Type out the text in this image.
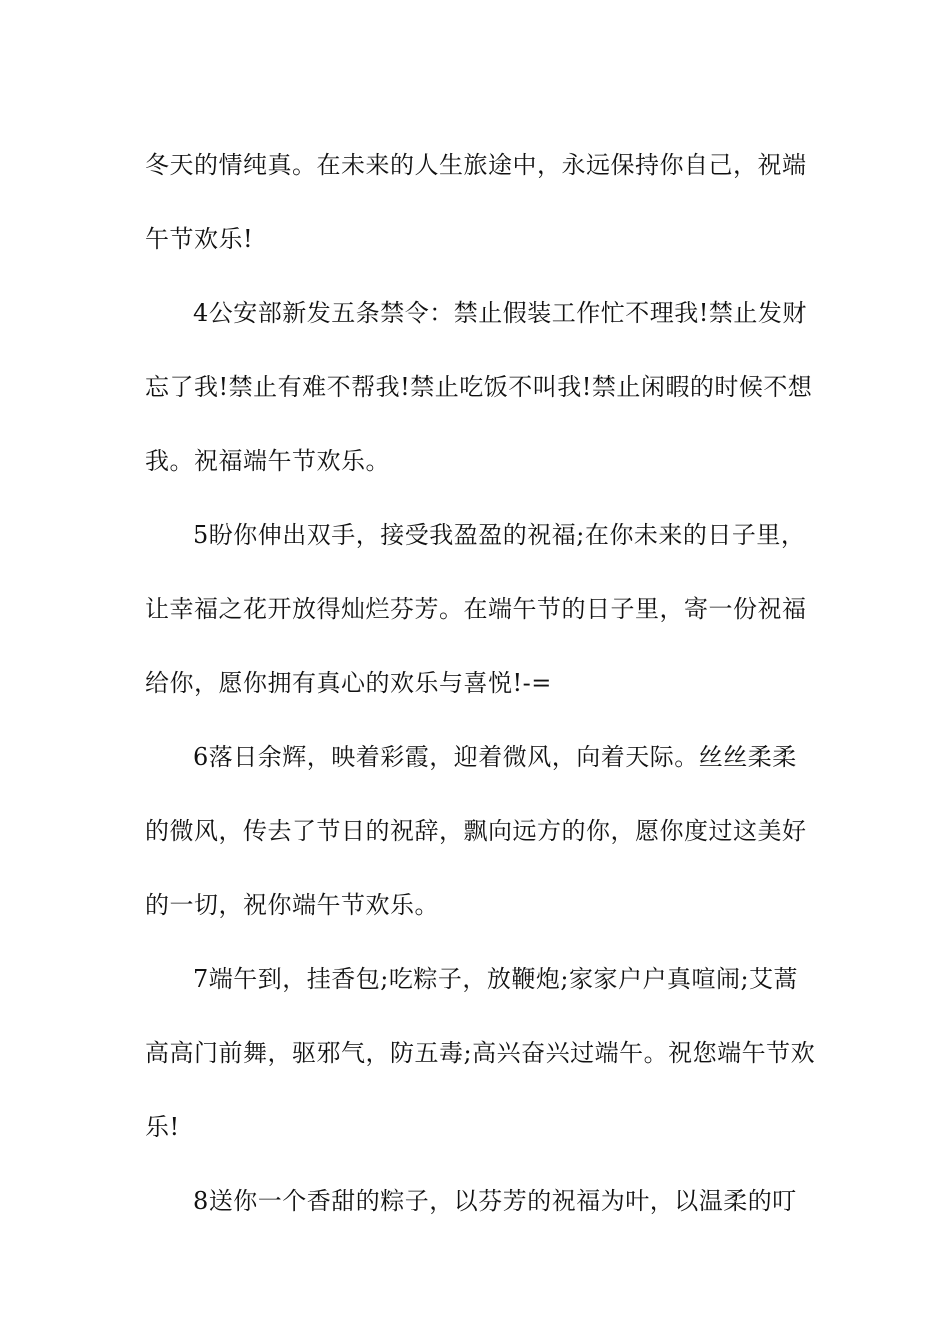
冬天的情纯真。在未来的人生旅途中，永远保持你自己，祝端
午节欢乐!

4公安部新发五条禁令：禁止假装工作忙不理我!禁止发财
忘了我!禁止有难不帮我!禁止吃饭不叫我!禁止闲暇的时候不想
我。祝福端午节欢乐。

5盼你伸出双手，接受我盈盈的祝福;在你未来的日子里，
让幸福之花开放得灿烂芬芳。在端午节的日子里，寄一份祝福
给你，愿你拥有真心的欢乐与喜悦!-=

6落日余辉，映着彩霞，迎着微风，向着天际。丝丝柔柔
的微风，传去了节日的祝辞，飘向远方的你，愿你度过这美好
的一切，祝你端午节欢乐。

7端午到，挂香包;吃粽子，放鞭炮;家家户户真喧闹;艾蒿
高高门前舞，驱邪气，防五毒;高兴奋兴过端午。祝您端午节欢
乐!

8送你一个香甜的粽子，以芬芳的祝福为叶，以温柔的叮
